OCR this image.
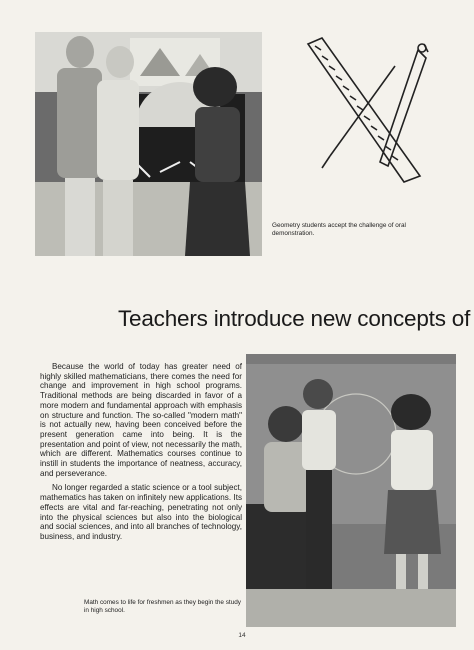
Geometry students accept the challenge of oral demonstration.
Teachers introduce new concepts of

Because the world of today has greater need of highly skilled mathematicians, there comes the need for change and improvement in high school programs. Traditional methods are being discarded in favor of a more modern and fundamental approach with emphasis on structure and function. The so-called "modern math" is not actually new, having been conceived before the present generation came into being. It is the presentation and point of view, not necessarily the math, which are different. Mathematics courses continue to instill in students the importance of neatness, accuracy, and perseverance.

No longer regarded a static science or a tool subject, mathematics has taken on infinitely new applications. Its effects are vital and far-reaching, penetrating not only into the physical sciences but also into the biological and social sciences, and into all branches of technology, business, and industry.

Math comes to life for freshmen as they begin the study in high school.
14
